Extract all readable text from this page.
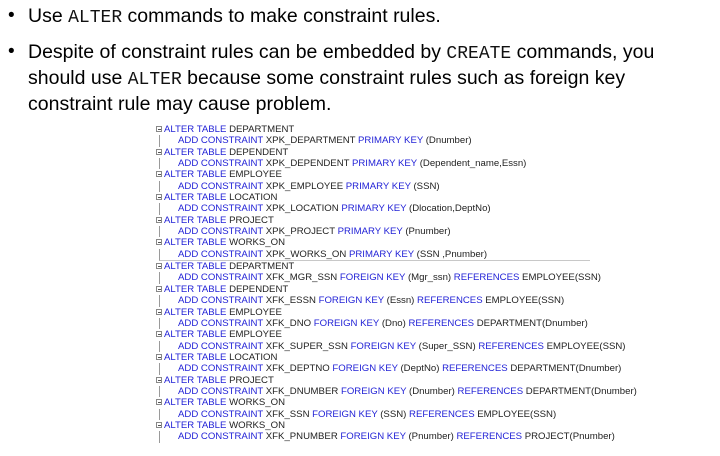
• Use ALTER commands to make constraint rules.
• Despite of constraint rules can be embedded by CREATE commands, you should use ALTER because some constraint rules such as foreign key constraint rule may cause problem.
ALTER TABLE DEPARTMENT
ADD CONSTRAINT XPK_DEPARTMENT PRIMARY KEY (Dnumber)
ALTER TABLE DEPENDENT
ADD CONSTRAINT XPK_DEPENDENT PRIMARY KEY (Dependent_name,Essn)
ALTER TABLE EMPLOYEE
ADD CONSTRAINT XPK_EMPLOYEE PRIMARY KEY (SSN)
ALTER TABLE LOCATION
ADD CONSTRAINT XPK_LOCATION PRIMARY KEY (Dlocation,DeptNo)
ALTER TABLE PROJECT
ADD CONSTRAINT XPK_PROJECT PRIMARY KEY (Pnumber)
ALTER TABLE WORKS_ON
ADD CONSTRAINT XPK_WORKS_ON PRIMARY KEY (SSN ,Pnumber)
ALTER TABLE DEPARTMENT
ADD CONSTRAINT XFK_MGR_SSN FOREIGN KEY (Mgr_ssn) REFERENCES EMPLOYEE(SSN)
ALTER TABLE DEPENDENT
ADD CONSTRAINT XFK_ESSN FOREIGN KEY (Essn) REFERENCES EMPLOYEE(SSN)
ALTER TABLE EMPLOYEE
ADD CONSTRAINT XFK_DNO FOREIGN KEY (Dno) REFERENCES DEPARTMENT(Dnumber)
ALTER TABLE EMPLOYEE
ADD CONSTRAINT XFK_SUPER_SSN FOREIGN KEY (Super_SSN) REFERENCES EMPLOYEE(SSN)
ALTER TABLE LOCATION
ADD CONSTRAINT XFK_DEPTNO FOREIGN KEY (DeptNo) REFERENCES DEPARTMENT(Dnumber)
ALTER TABLE PROJECT
ADD CONSTRAINT XFK_DNUMBER FOREIGN KEY (Dnumber) REFERENCES DEPARTMENT(Dnumber)
ALTER TABLE WORKS_ON
ADD CONSTRAINT XFK_SSN FOREIGN KEY (SSN) REFERENCES EMPLOYEE(SSN)
ALTER TABLE WORKS_ON
ADD CONSTRAINT XFK_PNUMBER FOREIGN KEY (Pnumber) REFERENCES PROJECT(Pnumber)
